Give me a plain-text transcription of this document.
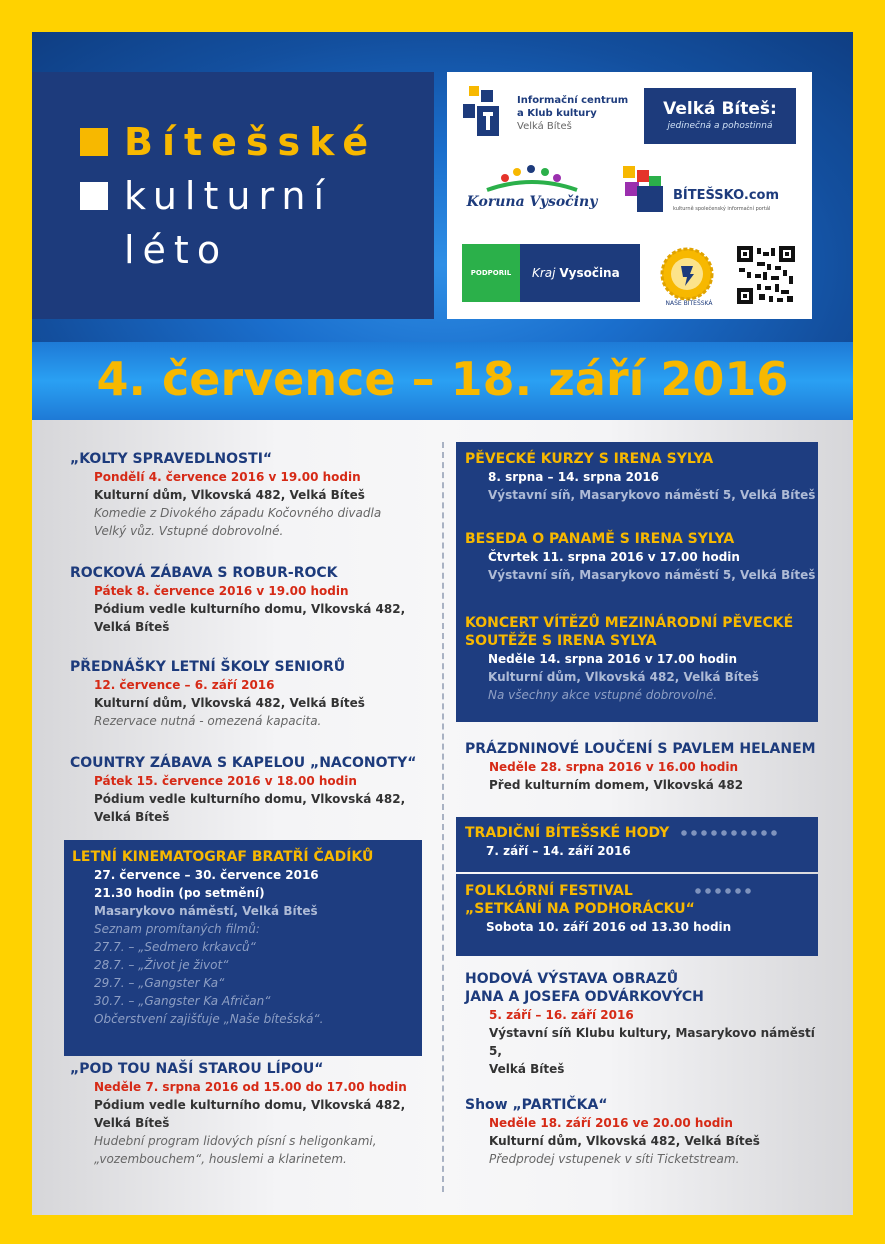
Bítešské
kulturní
léto
Informační centrum
a Klub kultury
Velká Bíteš
Velká Bíteš:
jedinečná a pohostinná
Koruna Vysočiny	BÍTEŠSKO.com
kulturně společenský informační portál
PODPORIL	Kraj Vysočina
NAŠE BÍTEŠSKÁ
4. července – 18. září 2016
„KOLTY SPRAVEDLNOSTI“
Pondělí 4. července 2016 v 19.00 hodin
Kulturní dům, Vlkovská 482, Velká Bíteš
Komedie z Divokého západu Kočovného divadla
Velký vůz. Vstupné dobrovolné.
ROCKOVÁ ZÁBAVA S ROBUR-ROCK
Pátek 8. července 2016 v 19.00 hodin
Pódium vedle kulturního domu, Vlkovská 482,
Velká Bíteš
PŘEDNÁŠKY LETNÍ ŠKOLY SENIORŮ
12. července – 6. září 2016
Kulturní dům, Vlkovská 482, Velká Bíteš
Rezervace nutná - omezená kapacita.
COUNTRY ZÁBAVA S KAPELOU „NACONOTY“
Pátek 15. července 2016 v 18.00 hodin
Pódium vedle kulturního domu, Vlkovská 482,
Velká Bíteš
LETNÍ KINEMATOGRAF BRATŘÍ ČADÍKŮ
27. července – 30. července 2016
21.30 hodin (po setmění)
Masarykovo náměstí, Velká Bíteš
Seznam promítaných filmů:
27.7. – „Sedmero krkavců“
28.7. – „Život je život“
29.7. – „Gangster Ka“
30.7. – „Gangster Ka Afričan“
Občerstvení zajišťuje „Naše bítešská“.
„POD TOU NAŠÍ STAROU LÍPOU“
Neděle 7. srpna 2016 od 15.00 do 17.00 hodin
Pódium vedle kulturního domu, Vlkovská 482,
Velká Bíteš
Hudební program lidových písní s heligonkami,
„vozembouchem“, houslemi a klarinetem.
PĚVECKÉ KURZY S IRENA SYLYA
8. srpna – 14. srpna 2016
Výstavní síň, Masarykovo náměstí 5, Velká Bíteš
BESEDA O PANAMĚ S IRENA SYLYA
Čtvrtek 11. srpna 2016 v 17.00 hodin
Výstavní síň, Masarykovo náměstí 5, Velká Bíteš
KONCERT VÍTĚZŮ MEZINÁRODNÍ PĚVECKÉ
SOUTĚŽE S IRENA SYLYA
Neděle 14. srpna 2016 v 17.00 hodin
Kulturní dům, Vlkovská 482, Velká Bíteš
Na všechny akce vstupné dobrovolné.
PRÁZDNINOVÉ LOUČENÍ S PAVLEM HELANEM
Neděle 28. srpna 2016 v 16.00 hodin
Před kulturním domem, Vlkovská 482
TRADIČNÍ BÍTEŠSKÉ HODY
7. září – 14. září 2016
FOLKLÓRNÍ FESTIVAL
„SETKÁNÍ NA PODHORÁCKU“
Sobota 10. září 2016 od 13.30 hodin
HODOVÁ VÝSTAVA OBRAZŮ
JANA A JOSEFA ODVÁRKOVÝCH
5. září – 16. září 2016
Výstavní síň Klubu kultury, Masarykovo náměstí 5,
Velká Bíteš
Show „PARTIČKA“
Neděle 18. září 2016 ve 20.00 hodin
Kulturní dům, Vlkovská 482, Velká Bíteš
Předprodej vstupenek v síti Ticketstream.
